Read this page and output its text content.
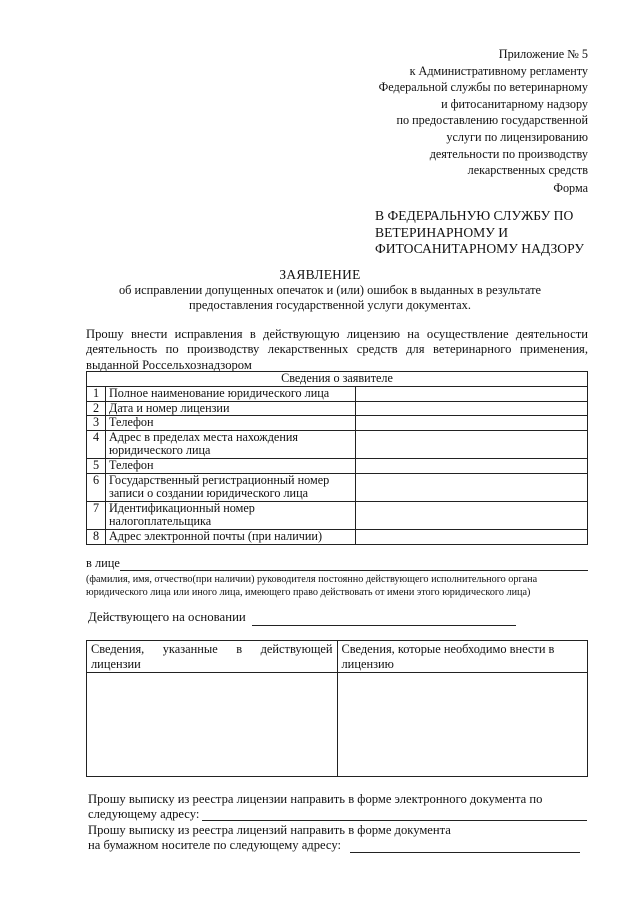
Приложение № 5
к Административному регламенту
Федеральной службы по ветеринарному
и фитосанитарному надзору
по предоставлению государственной
услуги по лицензированию
деятельности по производству
лекарственных средств
Форма
В ФЕДЕРАЛЬНУЮ СЛУЖБУ ПО
ВЕТЕРИНАРНОМУ И
ФИТОСАНИТАРНОМУ НАДЗОРУ
ЗАЯВЛЕНИЕ
об исправлении допущенных опечаток и (или) ошибок в выданных в результате
предоставления государственной услуги документах.
Прошу внести исправления в действующую лицензию на осуществление деятельности
деятельность по производству лекарственных средств для ветеринарного применения,
выданной Россельхознадзором
Сведения о заявителе		
1	Полное наименование юридического лица	
2	Дата и номер лицензии	
3	Телефон	
4	Адрес в пределах места нахождения юридического лица	
5	Телефон	
6	Государственный регистрационный номер записи о создании юридического лица	
7	Идентификационный номер налогоплательщика	
8	Адрес электронной почты (при наличии)	
в лице
(фамилия, имя, отчество(при наличии) руководителя постоянно действующего исполнительного органа юридического лица или иного лица, имеющего право действовать от имени этого юридического лица)
Действующего на основании
Сведения, указанные в действующей лицензии	Сведения, которые необходимо внести в лицензию

Прошу выписку из реестра лицензии направить в форме электронного документа по
следующему адресу:
Прошу выписку из реестра лицензий направить в форме документа
на бумажном носителе по следующему адресу:
